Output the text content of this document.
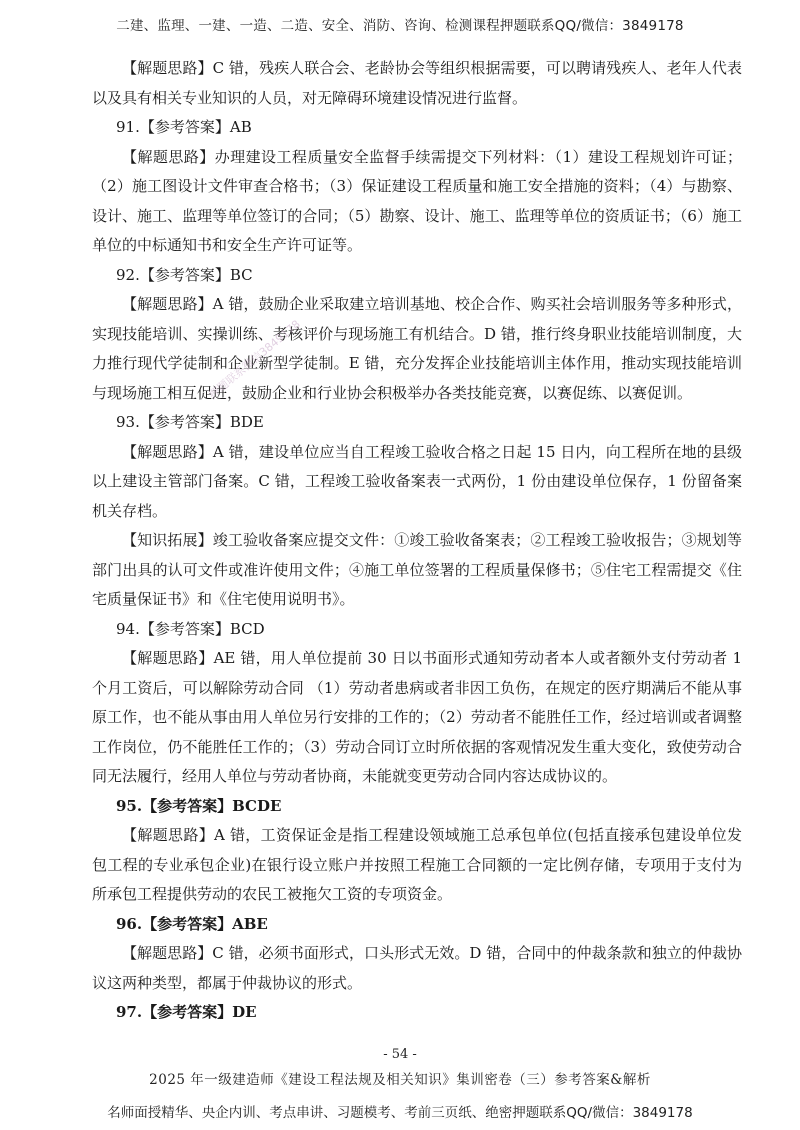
二建、监理、一建、一造、二造、安全、消防、咨询、检测课程押题联系QQ/微信：3849178

【解题思路】C 错，残疾人联合会、老龄协会等组织根据需要，可以聘请残疾人、老年人代表以及具有相关专业知识的人员，对无障碍环境建设情况进行监督。

91.【参考答案】AB

【解题思路】办理建设工程质量安全监督手续需提交下列材料：（1）建设工程规划许可证；（2）施工图设计文件审查合格书；（3）保证建设工程质量和施工安全措施的资料；（4）与勘察、设计、施工、监理等单位签订的合同；（5）勘察、设计、施工、监理等单位的资质证书；（6）施工单位的中标通知书和安全生产许可证等。

92.【参考答案】BC

【解题思路】A 错，鼓励企业采取建立培训基地、校企合作、购买社会培训服务等多种形式，实现技能培训、实操训练、考核评价与现场施工有机结合。D 错，推行终身职业技能培训制度，大力推行现代学徒制和企业新型学徒制。E 错，充分发挥企业技能培训主体作用，推动实现技能培训与现场施工相互促进，鼓励企业和行业协会积极举办各类技能竞赛，以赛促练、以赛促训。

93.【参考答案】BDE

【解题思路】A 错，建设单位应当自工程竣工验收合格之日起 15 日内，向工程所在地的县级以上建设主管部门备案。C 错，工程竣工验收备案表一式两份，1 份由建设单位保存，1 份留备案机关存档。

【知识拓展】竣工验收备案应提交文件：①竣工验收备案表；②工程竣工验收报告；③规划等部门出具的认可文件或准许使用文件；④施工单位签署的工程质量保修书；⑤住宅工程需提交《住宅质量保证书》和《住宅使用说明书》。

94.【参考答案】BCD

【解题思路】AE 错，用人单位提前 30 日以书面形式通知劳动者本人或者额外支付劳动者 1 个月工资后，可以解除劳动合同 （1）劳动者患病或者非因工负伤，在规定的医疗期满后不能从事原工作，也不能从事由用人单位另行安排的工作的；（2）劳动者不能胜任工作，经过培训或者调整工作岗位，仍不能胜任工作的；（3）劳动合同订立时所依据的客观情况发生重大变化，致使劳动合同无法履行，经用人单位与劳动者协商，未能就变更劳动合同内容达成协议的。

95.【参考答案】BCDE

【解题思路】A 错，工资保证金是指工程建设领域施工总承包单位(包括直接承包建设单位发包工程的专业承包企业)在银行设立账户并按照工程施工合同额的一定比例存储，专项用于支付为所承包工程提供劳动的农民工被拖欠工资的专项资金。

96.【参考答案】ABE

【解题思路】C 错，必须书面形式，口头形式无效。D 错，合同中的仲裁条款和独立的仲裁协议这两种类型，都属于仲裁协议的形式。

97.【参考答案】DE

押题联系微信3849178
- 54 -
2025 年一级建造师《建设工程法规及相关知识》集训密卷（三）参考答案&解析
名师面授精华、央企内训、考点串讲、习题模考、考前三页纸、绝密押题联系QQ/微信：3849178
